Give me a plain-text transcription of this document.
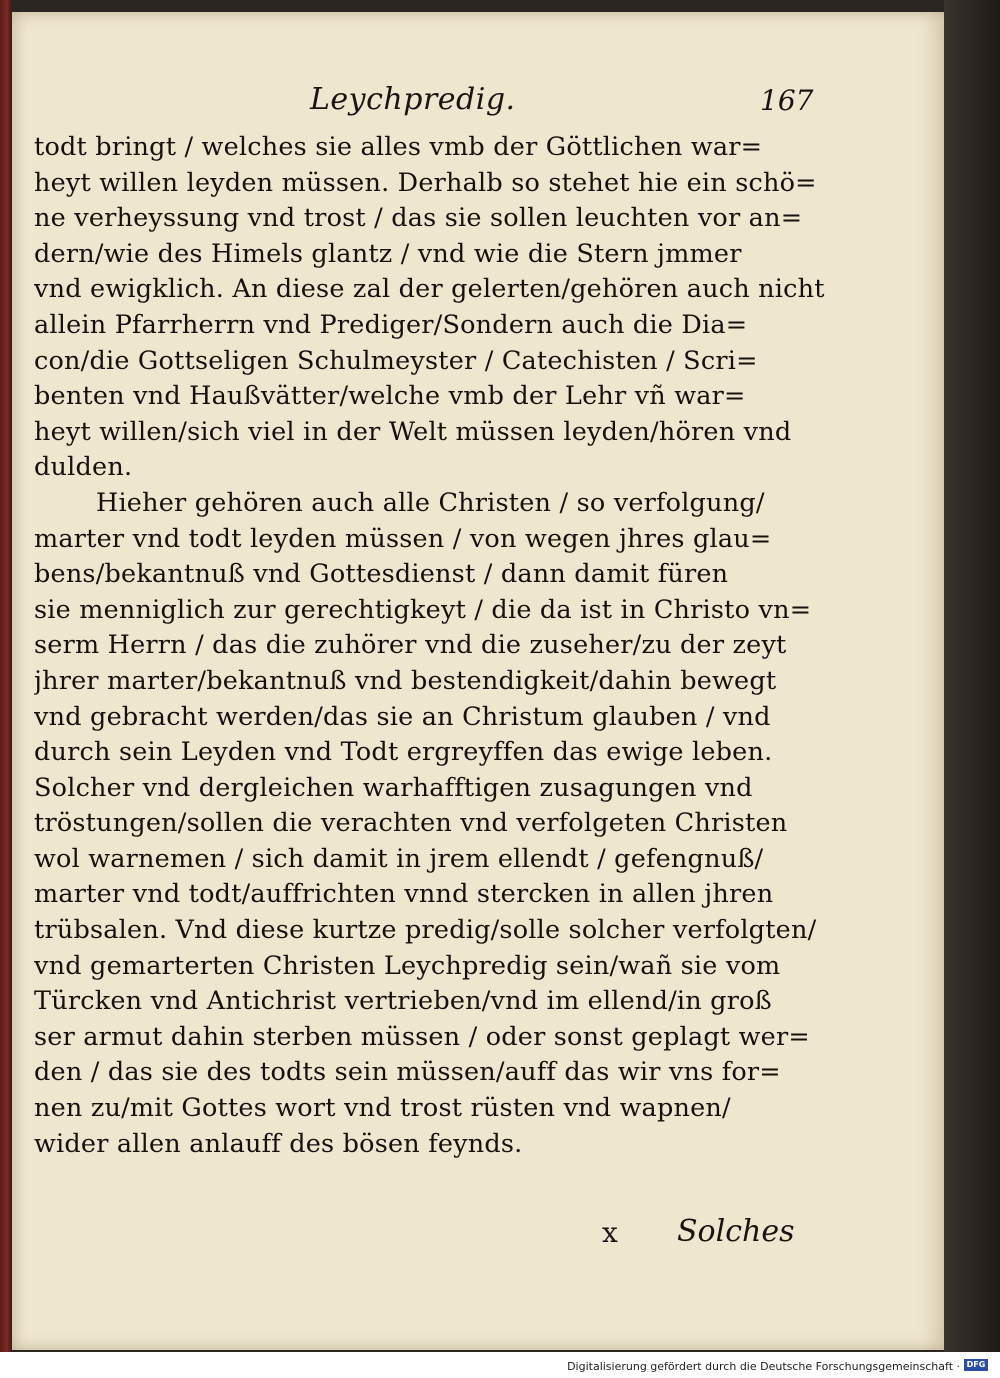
Leychpredig.	167
todt bringt / welches sie alles vmb der Göttlichen war=
heyt willen leyden müssen. Derhalb so stehet hie ein schö=
ne verheyssung vnd trost / das sie sollen leuchten vor an=
dern/wie des Himels glantz / vnd wie die Stern jmmer
vnd ewigklich. An diese zal der gelerten/gehören auch nicht
allein Pfarrherrn vnd Prediger/Sondern auch die Dia=
con/die Gottseligen Schulmeyster / Catechisten / Scri=
benten vnd Haußvätter/welche vmb der Lehr vñ war=
heyt willen/sich viel in der Welt müssen leyden/hören vnd
dulden.
Hieher gehören auch alle Christen / so verfolgung/
marter vnd todt leyden müssen / von wegen jhres glau=
bens/bekantnuß vnd Gottesdienst / dann damit füren
sie menniglich zur gerechtigkeyt / die da ist in Christo vn=
serm Herrn / das die zuhörer vnd die zuseher/zu der zeyt
jhrer marter/bekantnuß vnd bestendigkeit/dahin bewegt
vnd gebracht werden/das sie an Christum glauben / vnd
durch sein Leyden vnd Todt ergreyffen das ewige leben.
Solcher vnd dergleichen warhafftigen zusagungen vnd
tröstungen/sollen die verachten vnd verfolgeten Christen
wol warnemen / sich damit in jrem ellendt / gefengnuß/
marter vnd todt/auffrichten vnnd stercken in allen jhren
trübsalen. Vnd diese kurtze predig/solle solcher verfolgten/
vnd gemarterten Christen Leychpredig sein/wañ sie vom
Türcken vnd Antichrist vertrieben/vnd im ellend/in groß
ser armut dahin sterben müssen / oder sonst geplagt wer=
den / das sie des todts sein müssen/auff das wir vns for=
nen zu/mit Gottes wort vnd trost rüsten vnd wapnen/
wider allen anlauff des bösen feynds.
x Solches
Digitalisierung gefördert durch die Deutsche Forschungsgemeinschaft · DFG
